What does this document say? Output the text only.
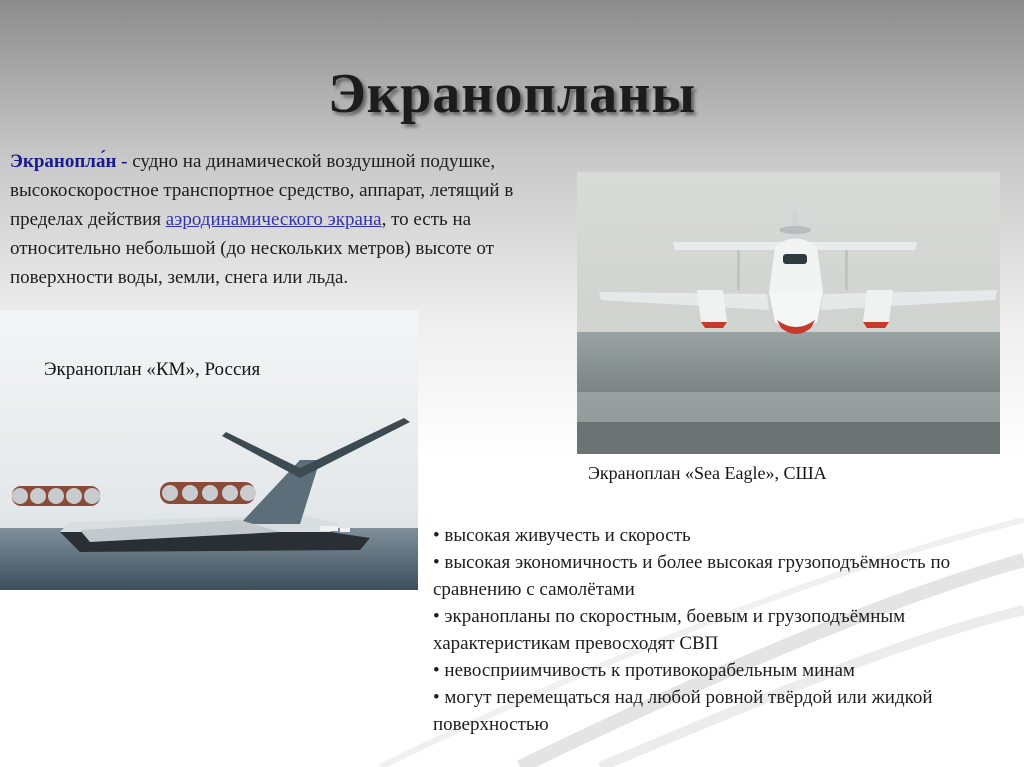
Экранопланы
Экранопла́н - судно на динамической воздушной подушке, высокоскоростное транспортное средство, аппарат, летящий в пределах действия аэродинамического экрана, то есть на относительно небольшой (до нескольких метров) высоте от поверхности воды, земли, снега или льда.
Экраноплан «КМ», Россия
Экраноплан «Sea Eagle», США
• высокая живучесть и скорость
• высокая экономичность и более высокая грузоподъёмность по сравнению с самолётами
• экранопланы по скоростным, боевым и грузоподъёмным характеристикам превосходят СВП
• невосприимчивость к противокорабельным минам
• могут перемещаться над любой ровной твёрдой или жидкой поверхностью
